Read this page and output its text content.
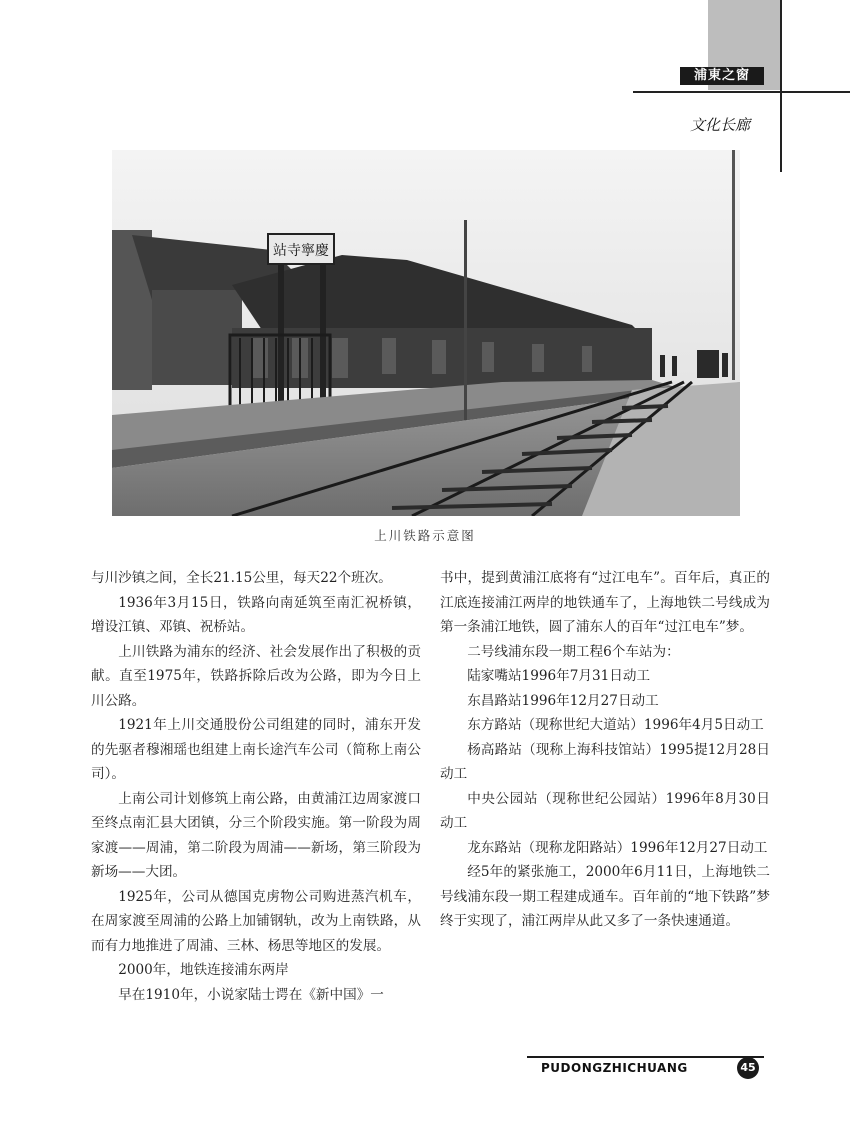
浦東之窗
文化长廊
站寺寧慶
上川铁路示意图

与川沙镇之间，全长21.15公里，每天22个班次。

1936年3月15日，铁路向南延筑至南汇祝桥镇，增设江镇、邓镇、祝桥站。

上川铁路为浦东的经济、社会发展作出了积极的贡献。直至1975年，铁路拆除后改为公路，即为今日上川公路。

1921年上川交通股份公司组建的同时，浦东开发的先驱者穆湘瑶也组建上南长途汽车公司（简称上南公司）。

上南公司计划修筑上南公路，由黄浦江边周家渡口至终点南汇县大团镇，分三个阶段实施。第一阶段为周家渡——周浦，第二阶段为周浦——新场，第三阶段为新场——大团。

1925年，公司从德国克虏物公司购进蒸汽机车，在周家渡至周浦的公路上加铺钢轨，改为上南铁路，从而有力地推进了周浦、三林、杨思等地区的发展。

2000年，地铁连接浦东两岸

早在1910年，小说家陆士谔在《新中国》一

书中，提到黄浦江底将有“过江电车”。百年后，真正的江底连接浦江两岸的地铁通车了，上海地铁二号线成为第一条浦江地铁，圆了浦东人的百年“过江电车”梦。

二号线浦东段一期工程6个车站为：

陆家嘴站1996年7月31日动工

东昌路站1996年12月27日动工

东方路站（现称世纪大道站）1996年4月5日动工

杨高路站（现称上海科技馆站）1995提12月28日动工

中央公园站（现称世纪公园站）1996年8月30日动工

龙东路站（现称龙阳路站）1996年12月27日动工

经5年的紧张施工，2000年6月11日，上海地铁二号线浦东段一期工程建成通车。百年前的“地下铁路”梦终于实现了，浦江两岸从此又多了一条快速通道。

PUDONGZHICHUANG	45
